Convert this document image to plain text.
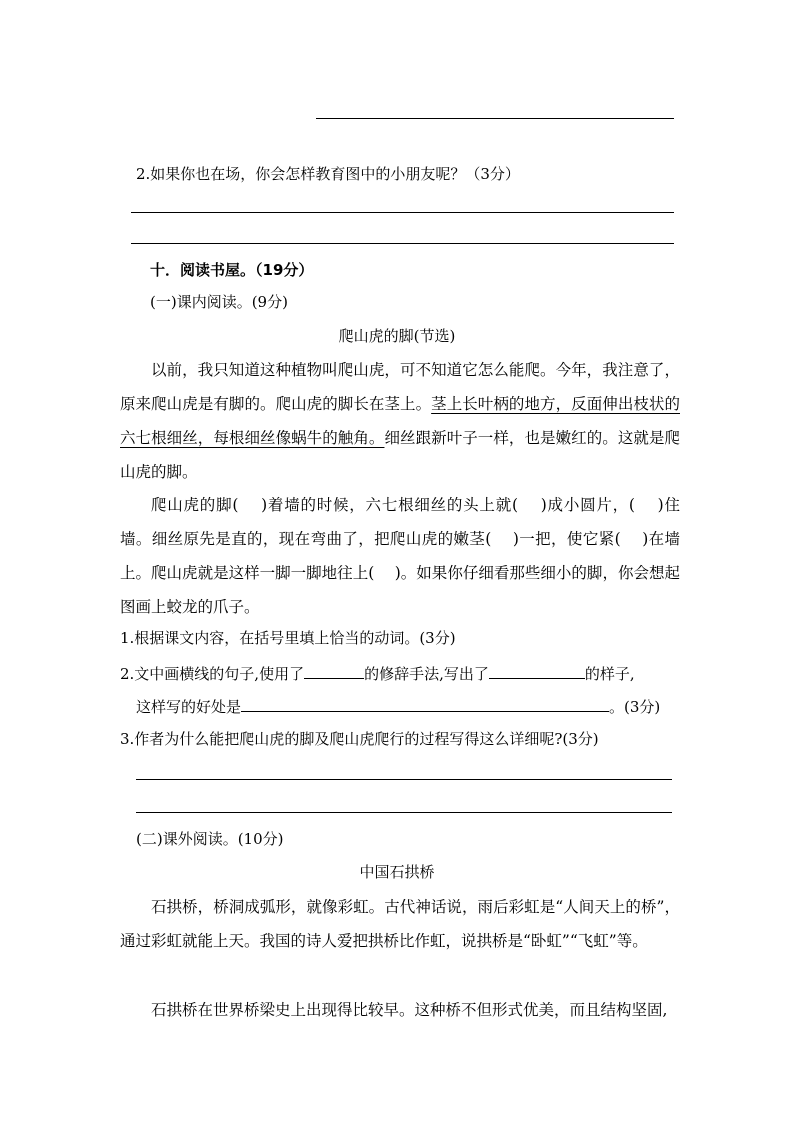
2.如果你也在场，你会怎样教育图中的小朋友呢？（3分）
十．阅读书屋。（19分）
(一)课内阅读。(9分)
爬山虎的脚(节选)
以前，我只知道这种植物叫爬山虎，可不知道它怎么能爬。今年，我注意了，原来爬山虎是有脚的。爬山虎的脚长在茎上。茎上长叶柄的地方，反面伸出枝状的六七根细丝，每根细丝像蜗牛的触角。细丝跟新叶子一样，也是嫩红的。这就是爬山虎的脚。
爬山虎的脚(　 )着墙的时候，六七根细丝的头上就(　 )成小圆片，(　 )住墙。细丝原先是直的，现在弯曲了，把爬山虎的嫩茎(　 )一把，使它紧(　 )在墙上。爬山虎就是这样一脚一脚地往上(　 )。如果你仔细看那些细小的脚，你会想起图画上蛟龙的爪子。
1.根据课文内容，在括号里填上恰当的动词。(3分)
2.文中画横线的句子,使用了	的修辞手法,写出了	的样子,
这样写的好处是	。(3分)
3.作者为什么能把爬山虎的脚及爬山虎爬行的过程写得这么详细呢?(3分)
(二)课外阅读。(10分)
中国石拱桥
石拱桥，桥洞成弧形，就像彩虹。古代神话说，雨后彩虹是“人间天上的桥”，通过彩虹就能上天。我国的诗人爱把拱桥比作虹，说拱桥是“卧虹”“飞虹”等。
石拱桥在世界桥梁史上出现得比较早。这种桥不但形式优美，而且结构坚固,
